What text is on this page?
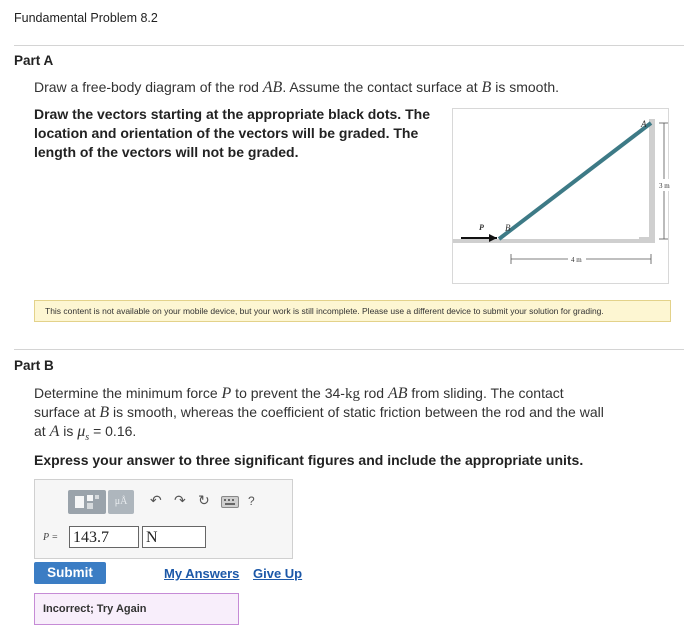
Fundamental Problem 8.2
Part A
Draw a free-body diagram of the rod AB. Assume the contact surface at B is smooth.
Draw the vectors starting at the appropriate black dots. The location and orientation of the vectors will be graded. The length of the vectors will not be graded.
A
B
P
3 m
4 m
This content is not available on your mobile device, but your work is still incomplete. Please use a different device to submit your solution for grading.
Part B
Determine the minimum force P to prevent the 34-kg rod AB from sliding. The contact
surface at B is smooth, whereas the coefficient of static friction between the rod and the wall
at A is $\mu_s = 0.16$.
Express your answer to three significant figures and include the appropriate units.
μÅ	↶ ↷ ↻	?
P = 143.7	N
Submit	My Answers Give Up
Incorrect; Try Again
